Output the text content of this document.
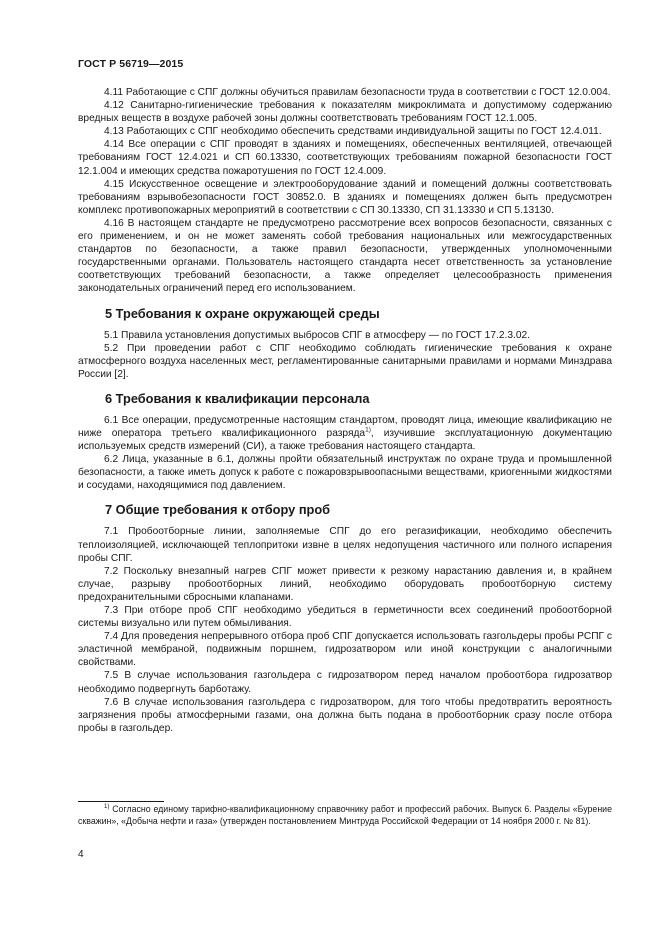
ГОСТ Р 56719—2015

4.11 Работающие с СПГ должны обучиться правилам безопасности труда в соответствии с ГОСТ 12.0.004.

4.12 Санитарно-гигиенические требования к показателям микроклимата и допустимому содержанию вредных веществ в воздухе рабочей зоны должны соответствовать требованиям ГОСТ 12.1.005.

4.13 Работающих с СПГ необходимо обеспечить средствами индивидуальной защиты по ГОСТ 12.4.011.

4.14 Все операции с СПГ проводят в зданиях и помещениях, обеспеченных вентиляцией, отвечающей требованиям ГОСТ 12.4.021 и СП 60.13330, соответствующих требованиям пожарной безопасности ГОСТ 12.1.004 и имеющих средства пожаротушения по ГОСТ 12.4.009.

4.15 Искусственное освещение и электрооборудование зданий и помещений должны соответствовать требованиям взрывобезопасности ГОСТ 30852.0. В зданиях и помещениях должен быть предусмотрен комплекс противопожарных мероприятий в соответствии с СП 30.13330, СП 31.13330 и СП 5.13130.

4.16 В настоящем стандарте не предусмотрено рассмотрение всех вопросов безопасности, связанных с его применением, и он не может заменять собой требования национальных или межгосударственных стандартов по безопасности, а также правил безопасности, утвержденных уполномоченными государственными органами. Пользователь настоящего стандарта несет ответственность за установление соответствующих требований безопасности, а также определяет целесообразность применения законодательных ограничений перед его использованием.

5 Требования к охране окружающей среды

5.1 Правила установления допустимых выбросов СПГ в атмосферу — по ГОСТ 17.2.3.02.

5.2 При проведении работ с СПГ необходимо соблюдать гигиенические требования к охране атмосферного воздуха населенных мест, регламентированные санитарными правилами и нормами Минздрава России [2].

6 Требования к квалификации персонала

6.1 Все операции, предусмотренные настоящим стандартом, проводят лица, имеющие квалификацию не ниже оператора третьего квалификационного разряда$^{1)}$, изучившие эксплуатационную документацию используемых средств измерений (СИ), а также требования настоящего стандарта.

6.2 Лица, указанные в 6.1, должны пройти обязательный инструктаж по охране труда и промышленной безопасности, а также иметь допуск к работе с пожаровзрывоопасными веществами, криогенными жидкостями и сосудами, находящимися под давлением.

7 Общие требования к отбору проб

7.1 Пробоотборные линии, заполняемые СПГ до его регазификации, необходимо обеспечить теплоизоляцией, исключающей теплопритоки извне в целях недопущения частичного или полного испарения пробы СПГ.

7.2 Поскольку внезапный нагрев СПГ может привести к резкому нарастанию давления и, в крайнем случае, разрыву пробоотборных линий, необходимо оборудовать пробоотборную систему предохранительными сбросными клапанами.

7.3 При отборе проб СПГ необходимо убедиться в герметичности всех соединений пробоотборной системы визуально или путем обмыливания.

7.4 Для проведения непрерывного отбора проб СПГ допускается использовать газгольдеры пробы РСПГ с эластичной мембраной, подвижным поршнем, гидрозатвором или иной конструкции с аналогичными свойствами.

7.5 В случае использования газгольдера с гидрозатвором перед началом пробоотбора гидрозатвор необходимо подвергнуть барботажу.

7.6 В случае использования газгольдера с гидрозатвором, для того чтобы предотвратить вероятность загрязнения пробы атмосферными газами, она должна быть подана в пробоотборник сразу после отбора пробы в газгольдер.

$^{1)}$ Согласно единому тарифно-квалификационному справочнику работ и профессий рабочих. Выпуск 6. Разделы «Бурение скважин», «Добыча нефти и газа» (утвержден постановлением Минтруда Российской Федерации от 14 ноября 2000 г. № 81).

4
